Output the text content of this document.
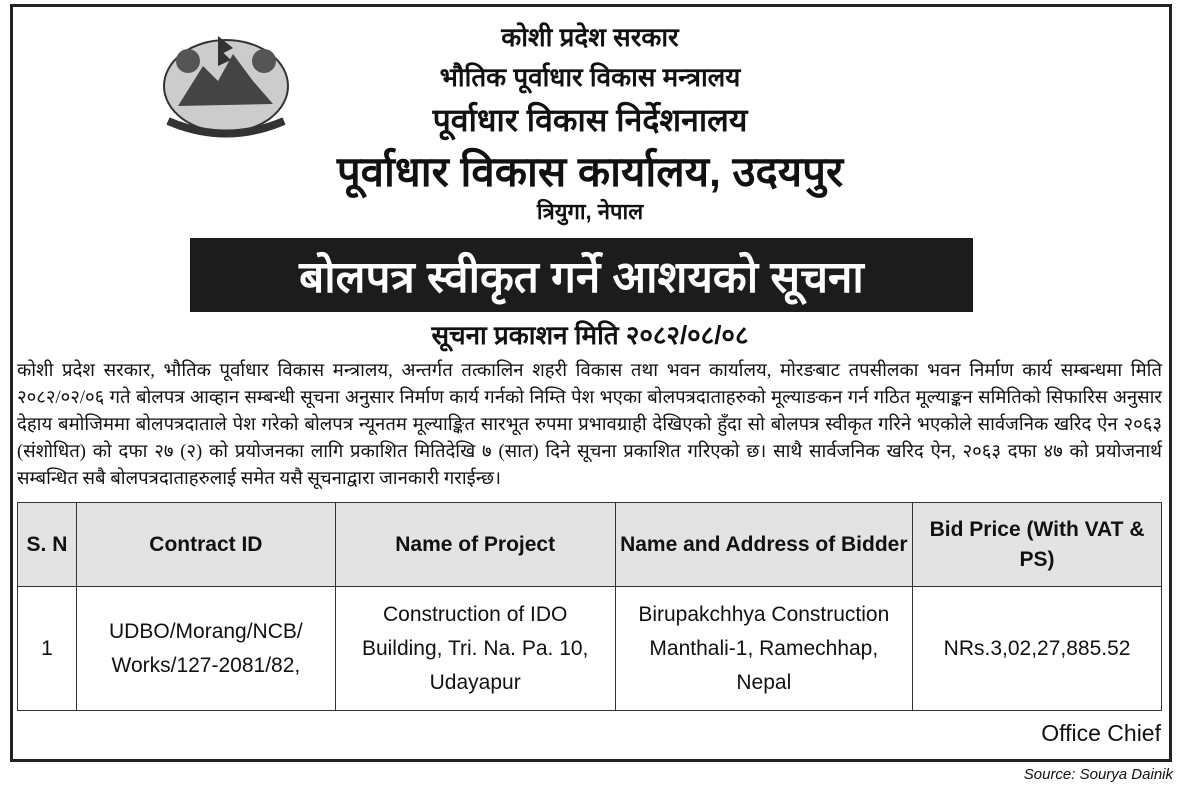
कोशी प्रदेश सरकार
भौतिक पूर्वाधार विकास मन्त्रालय
पूर्वाधार विकास निर्देशनालय
पूर्वाधार विकास कार्यालय, उदयपुर
त्रियुगा, नेपाल
बोलपत्र स्वीकृत गर्ने आशयको सूचना
सूचना प्रकाशन मिति २०८२/०८/०८
कोशी प्रदेश सरकार, भौतिक पूर्वाधार विकास मन्त्रालय, अन्तर्गत तत्कालिन शहरी विकास तथा भवन कार्यालय, मोरङबाट तपसीलका भवन निर्माण कार्य सम्बन्धमा मिति २०८२/०२/०६ गते बोलपत्र आव्हान सम्बन्धी सूचना अनुसार निर्माण कार्य गर्नको निम्ति पेश भएका बोलपत्रदाताहरुको मूल्याङकन गर्न गठित मूल्याङ्कन समितिको सिफारिस अनुसार देहाय बमोजिममा बोलपत्रदाताले पेश गरेको बोलपत्र न्यूनतम मूल्याङ्कित सारभूत रुपमा प्रभावग्राही देखिएको हुँदा सो बोलपत्र स्वीकृत गरिने भएकोले सार्वजनिक खरिद ऐन २०६३ (संशोधित) को दफा २७ (२) को प्रयोजनका लागि प्रकाशित मितिदेखि ७ (सात) दिने सूचना प्रकाशित गरिएको छ। साथै सार्वजनिक खरिद ऐन, २०६३ दफा ४७ को प्रयोजनार्थ सम्बन्धित सबै बोलपत्रदाताहरुलाई समेत यसै सूचनाद्वारा जानकारी गराईन्छ।
S. N	Contract ID	Name of Project	Name and Address of Bidder	Bid Price (With VAT & PS)
1	UDBO/Morang/NCB/ Works/127-2081/82,	Construction of IDO Building, Tri. Na. Pa. 10, Udayapur	Birupakchhya Construction Manthali-1, Ramechhap, Nepal	NRs.3,02,27,885.52
Office Chief
Source: Sourya Dainik
